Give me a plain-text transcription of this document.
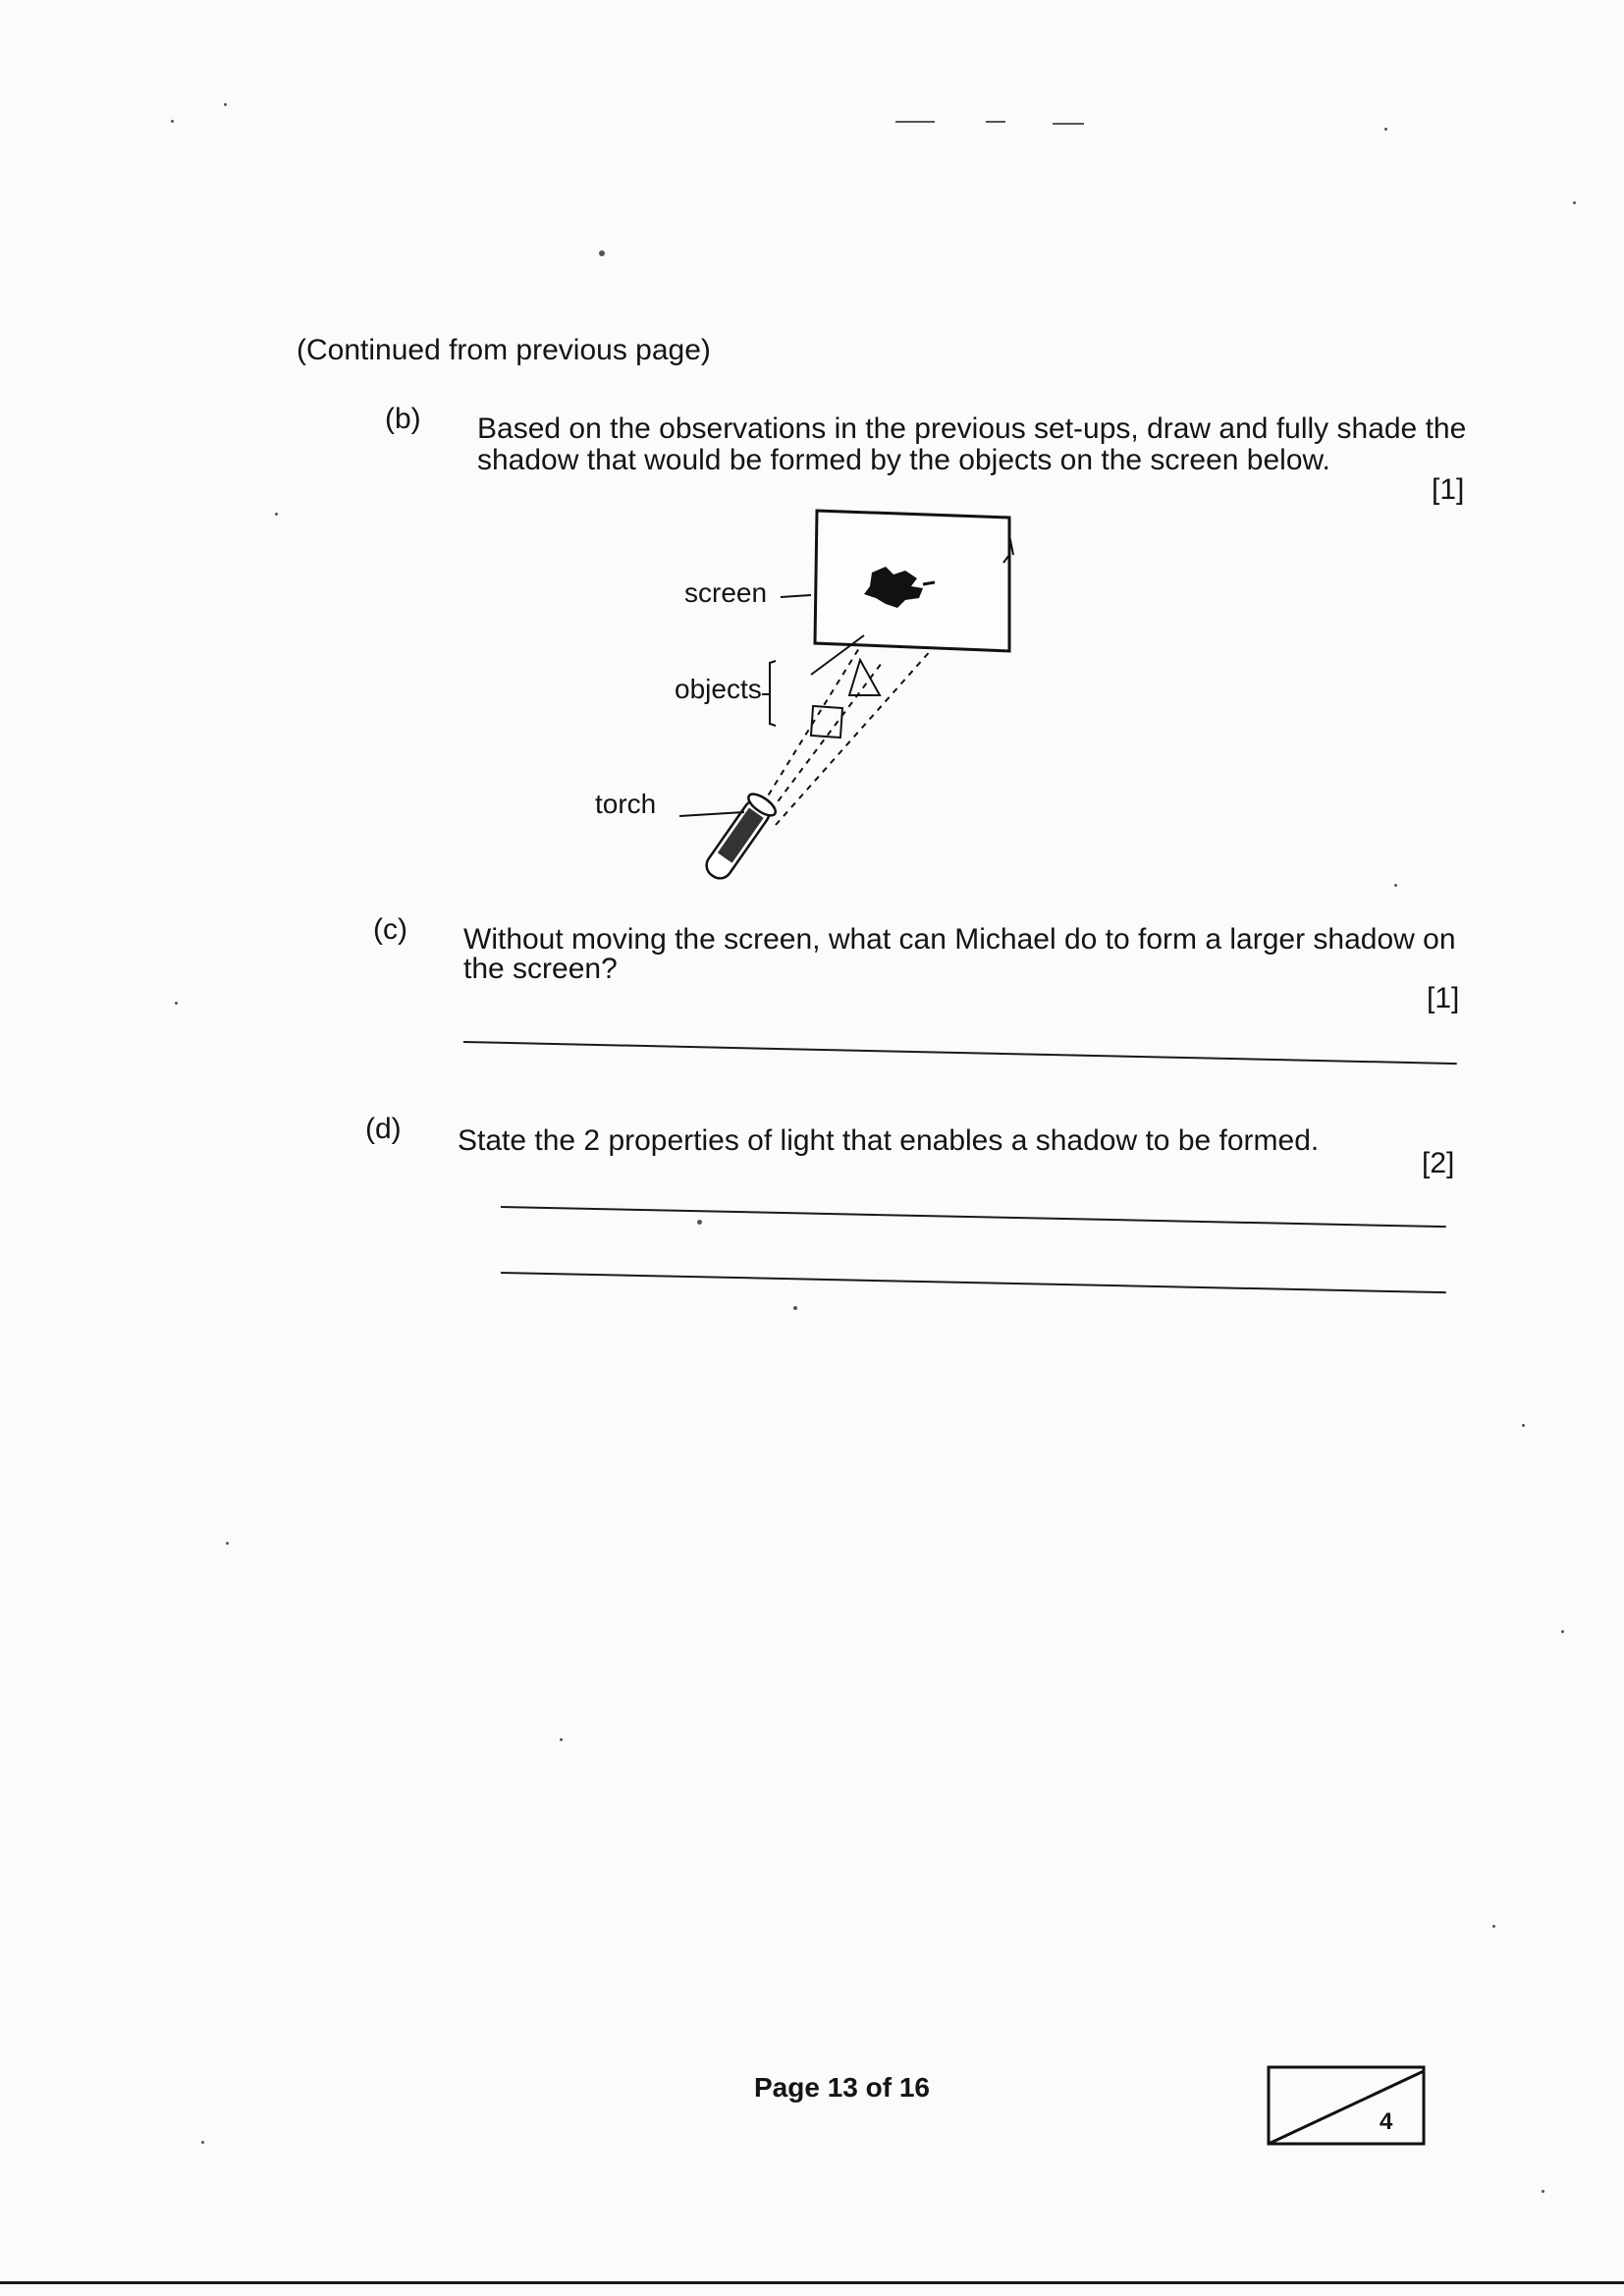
(Continued from previous page)
(b) Based on the observations in the previous set-ups, draw and fully shade the
shadow that would be formed by the objects on the screen below.
[1]
screen
objects
torch
(c) Without moving the screen, what can Michael do to form a larger shadow on
the screen?
[1]
(d) State the 2 properties of light that enables a shadow to be formed.
[2]
Page 13 of 16
4
